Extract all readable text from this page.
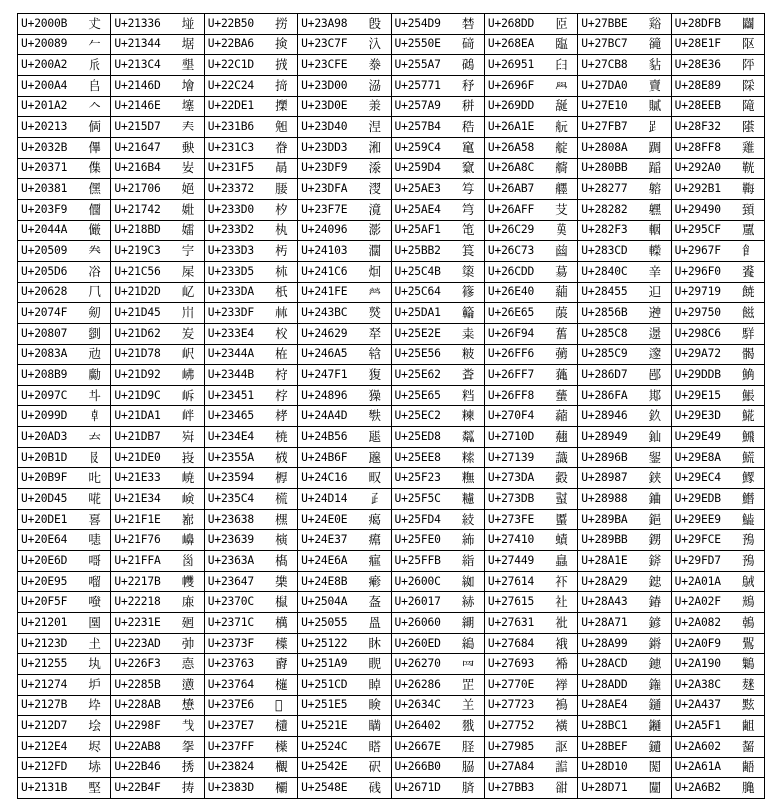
U+2000B 𠀋	U+21336 𡌶	U+22B50 𢭐	U+23A98 𣪘	U+254D9 𥓙	U+268DD 𦣝	U+27BBE 𧮾	U+28DFB 𨷻

U+20089 𠂉	U+21344 𡍄	U+22BA6 𢮦	U+23C7F 𣱿	U+2550E 𥔎	U+268EA 𦣪	U+27BC7 𧯇	U+28E1F 𨸟

U+200A2 𠂢	U+213C4 𡏄	U+22C1D 𢰝	U+23CFE 𣳾	U+255A7 𥖧	U+26951 𦥑	U+27CB8 𧲸	U+28E36 𨸶

U+200A4 𠂤	U+2146D 𡑭	U+22C24 𢰤	U+23D00 𣴀	U+25771 𥝱	U+2696F 𦥯	U+27DA0 𧶠	U+28E89 𨺉

U+201A2 𠆢	U+2146E 𡑮	U+22DE1 𢷡	U+23D0E 𣴎	U+257A9 𥞩	U+269DD 𦧝	U+27E10 𧸐	U+28EEB 𨻫

U+20213 𠈓	U+215D7 𡗗	U+231B6 𣆶	U+23D40 𣵀	U+257B4 𥞴	U+26A1E 𦨞	U+27FB7 𧾷	U+28F32 𨼲

U+2032B 𠌫	U+21647 𡙇	U+231C3 𣇃	U+23DD3 𣷓	U+259C4 𥧄	U+26A58 𦩘	U+2808A 𨂊	U+28FF8 𨿸

U+20371 𠍱	U+216B4 𡚴	U+231F5 𣇵	U+23DF9 𣷹	U+259D4 𥧔	U+26A8C 𦪌	U+280BB 𨂻	U+292A0 𩊠

U+20381 𠎁	U+21706 𡜆	U+23372 𣍲	U+23DFA 𣷺	U+25AE3 𥫣	U+26AB7 𦪷	U+28277 𨉷	U+292B1 𩊱

U+203F9 𠏹	U+21742 𡝂	U+233D0 𣏐	U+23F7E 𣽾	U+25AE4 𥫤	U+26AFF 𦫿	U+28282 𨊂	U+29490 𩒐

U+2044A 𠑊	U+218BD 𡢽	U+233D2 𣏒	U+24096 𤂖	U+25AF1 𥫱	U+26C29 𦰩	U+282F3 𨋳	U+295CF 𩗏

U+20509 𠔉	U+219C3 𡧃	U+233D3 𣏓	U+24103 𤄃	U+25BB2 𥮲	U+26C73 𦱳	U+283CD 𨏍	U+2967F 𩙿

U+205D6 𠗖	U+21C56 𡱖	U+233D5 𣏕	U+241C6 𤇆	U+25C4B 𥱋	U+26CDD 𦳝	U+2840C 𨐌	U+296F0 𩛰

U+20628 𠘨	U+21D2D 𡴭	U+233DA 𣏚	U+241FE 𤇾	U+25C64 𥱤	U+26E40 𦹀	U+28455 𨑕	U+29719 𩜙

U+2074F 𠝏	U+21D45 𡵅	U+233DF 𣏟	U+243BC 𤎼	U+25DA1 𥶡	U+26E65 𦹥	U+2856B 𨕫	U+29750 𩝐

U+20807 𠠇	U+21D62 𡵢	U+233E4 𣏤	U+24629 𤘩	U+25E2E 𥸮	U+26F94 𦾔	U+285C8 𨗈	U+298C6 𩣆

U+2083A 𠠺	U+21D78 𡵸	U+2344A 𣑊	U+246A5 𤚥	U+25E56 𥹖	U+26FF6 𦿶	U+285C9 𨗉	U+29A72 𩩲

U+208B9 𠢹	U+21D92 𡶒	U+2344B 𣑋	U+247F1 𤟱	U+25E62 𥹢	U+26FF7 𦿷	U+286D7 𨛗	U+29DDB 𩷛

U+2097C 𠥼	U+21D9C 𡶜	U+23451 𣑑	U+24896 𤢖	U+25E65 𥹥	U+26FF8 𦿸	U+286FA 𨛺	U+29E15 𩸕

U+2099D 𠦝	U+21DA1 𡶡	U+23465 𣑥	U+24A4D 𤩍	U+25EC2 𥻂	U+270F4 𧃴	U+28946 𨥆	U+29E3D 𩸽

U+20AD3 𠫓	U+21DB7 𡶷	U+234E4 𣓤	U+24B56 𤭖	U+25ED8 𥻘	U+2710D 𧄍	U+28949 𨥉	U+29E49 𩹉

U+20B1D 𠬝	U+21DE0 𡷠	U+2355A 𣕚	U+24B6F 𤭯	U+25EE8 𥻨	U+27139 𧄹	U+2896B 𨥫	U+29E8A 𩺊

U+20B9F 𠮟	U+21E33 𡸳	U+23594 𣖔	U+24C16 𤰖	U+25F23 𥼣	U+273DA 𧏚	U+28987 𨦇	U+29EC4 𩻄

U+20D45 𠵅	U+21E34 𡸴	U+235C4 𣗄	U+24D14 𤴔	U+25F5C 𥽜	U+273DB 𧏛	U+28988 𨦈	U+29EDB 𩻛

U+20DE1 𠷡	U+21F1E 𡼞	U+23638 𣘸	U+24E0E 𤸎	U+25FD4 𥿔	U+273FE 𧏾	U+289BA 𨦺	U+29EE9 𩻩

U+20E64 𠹤	U+21F76 𡽶	U+23639 𣘹	U+24E37 𤸷	U+25FE0 𥿠	U+27410 𧐐	U+289BB 𨦻	U+29FCE 𩿎

U+20E6D 𠹭	U+21FFA 𡿺	U+2363A 𣘺	U+24E6A 𤹪	U+25FFB 𥿻	U+27449 𧑉	U+28A1E 𨨞	U+29FD7 𩿗

U+20E95 𠺕	U+2217B 𢅻	U+23647 𣙇	U+24E8B 𤺋	U+2600C 𦀌	U+27614 𧘔	U+28A29 𨨩	U+2A01A 𪀚

U+20F5F 𠽟	U+22218 𢈘	U+2370C 𣜌	U+2504A 𥁊	U+26017 𦀗	U+27615 𧘕	U+28A43 𨩃	U+2A02F 𪀯

U+21201 𡈁	U+2231E 𢌞	U+2371C 𣜜	U+25055 𥁕	U+26060 𦁠	U+27631 𧘱	U+28A71 𨩱	U+2A082 𪂂

U+2123D 𡈽	U+223AD 𢎭	U+2373F 𣜿	U+25122 𥄢	U+260ED 𦃭	U+27684 𧚄	U+28A99 𨪙	U+2A0F9 𪃹

U+21255 𡉕	U+226F3 𢛳	U+23763 𣝣	U+251A9 𥆩	U+26270 𦉰	U+27693 𧚓	U+28ACD 𨫍	U+2A190 𪆐

U+21274 𡉴	U+2285B 𢡛	U+23764 𣝤	U+251CD 𥇍	U+26286 𦊆	U+2770E 𧜎	U+28ADD 𨫝	U+2A38C 𪎌

U+2127B 𡉻	U+228AB 𢢫	U+237E6 𣟦	U+251E5 𥇥	U+2634C 𦍌	U+27723 𧜣	U+28AE4 𨫤	U+2A437 𪐷

U+212D7 𡋗	U+2298F 𢦏	U+237E7 𣟧	U+2521E 𥈞	U+26402 𦐂	U+27752 𧝒	U+28BC1 𨯁	U+2A5F1 𪗱

U+212E4 𡋤	U+22AB8 𢪸	U+237FF 𣟿	U+2524C 𥉌	U+2667E 𦙾	U+27985 𧦅	U+28BEF 𨯯	U+2A602 𪘂

U+212FD 𡋽	U+22B46 𢭆	U+23824 𣠤	U+2542E 𥐮	U+266B0 𦚰	U+27A84 𧪄	U+28D10 𨴐	U+2A61A 𪘚

U+2131B 𡌛	U+22B4F 𢭏	U+2383D 𣠽	U+2548E 𥒎	U+2671D 𦜝	U+27BB3 𧮳	U+28D71 𨵱	U+2A6B2 𪚲
